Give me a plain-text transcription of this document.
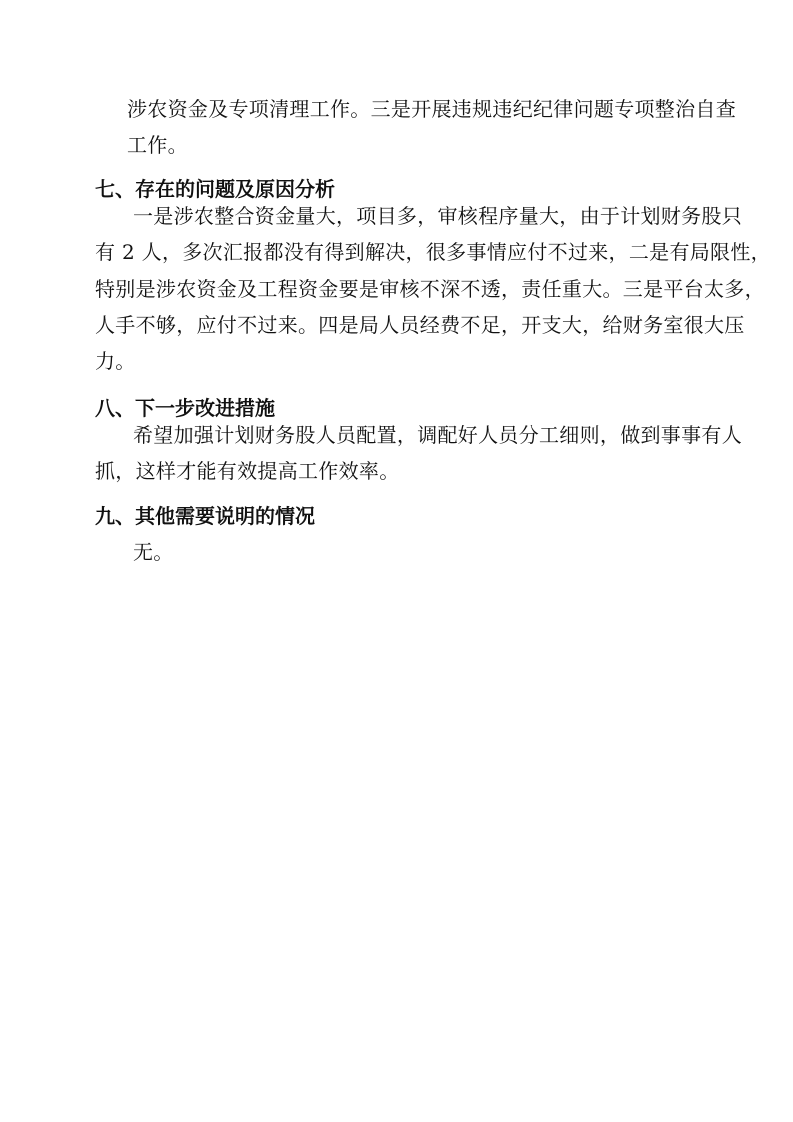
涉农资金及专项清理工作。三是开展违规违纪纪律问题专项整治自查
工作。
七、存在的问题及原因分析
一是涉农整合资金量大，项目多，审核程序量大，由于计划财务股只
有 2 人，多次汇报都没有得到解决，很多事情应付不过来，二是有局限性，
特别是涉农资金及工程资金要是审核不深不透，责任重大。三是平台太多，
人手不够，应付不过来。四是局人员经费不足，开支大，给财务室很大压
力。
八、下一步改进措施
希望加强计划财务股人员配置，调配好人员分工细则，做到事事有人
抓，这样才能有效提高工作效率。
九、其他需要说明的情况
无。
